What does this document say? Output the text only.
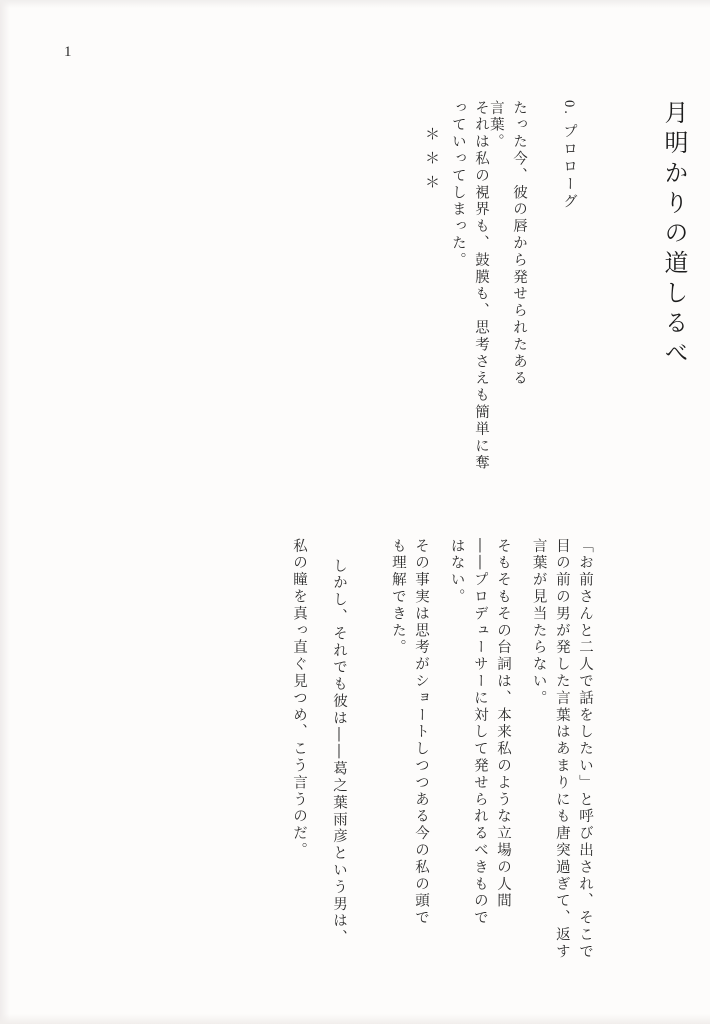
1
月明かりの道しるべ
0. プロローグ
たった今、彼の唇から発せられたある言葉。
それは私の視界も、鼓膜も、思考さえも簡単に奪っていってしまった。
＊＊＊
「お前さんと二人で話をしたい」と呼び出され、そこで目の前の男が発した言葉はあまりにも唐突過ぎて、返す言葉が見当たらない。
そもそもその台詞は、本来私のような立場の人間――プロデューサーに対して発せられるべきものではない。
その事実は思考がショートしつつある今の私の頭でも理解できた。
しかし、それでも彼は――葛之葉雨彦という男は、
私の瞳を真っ直ぐ見つめ、こう言うのだ。
